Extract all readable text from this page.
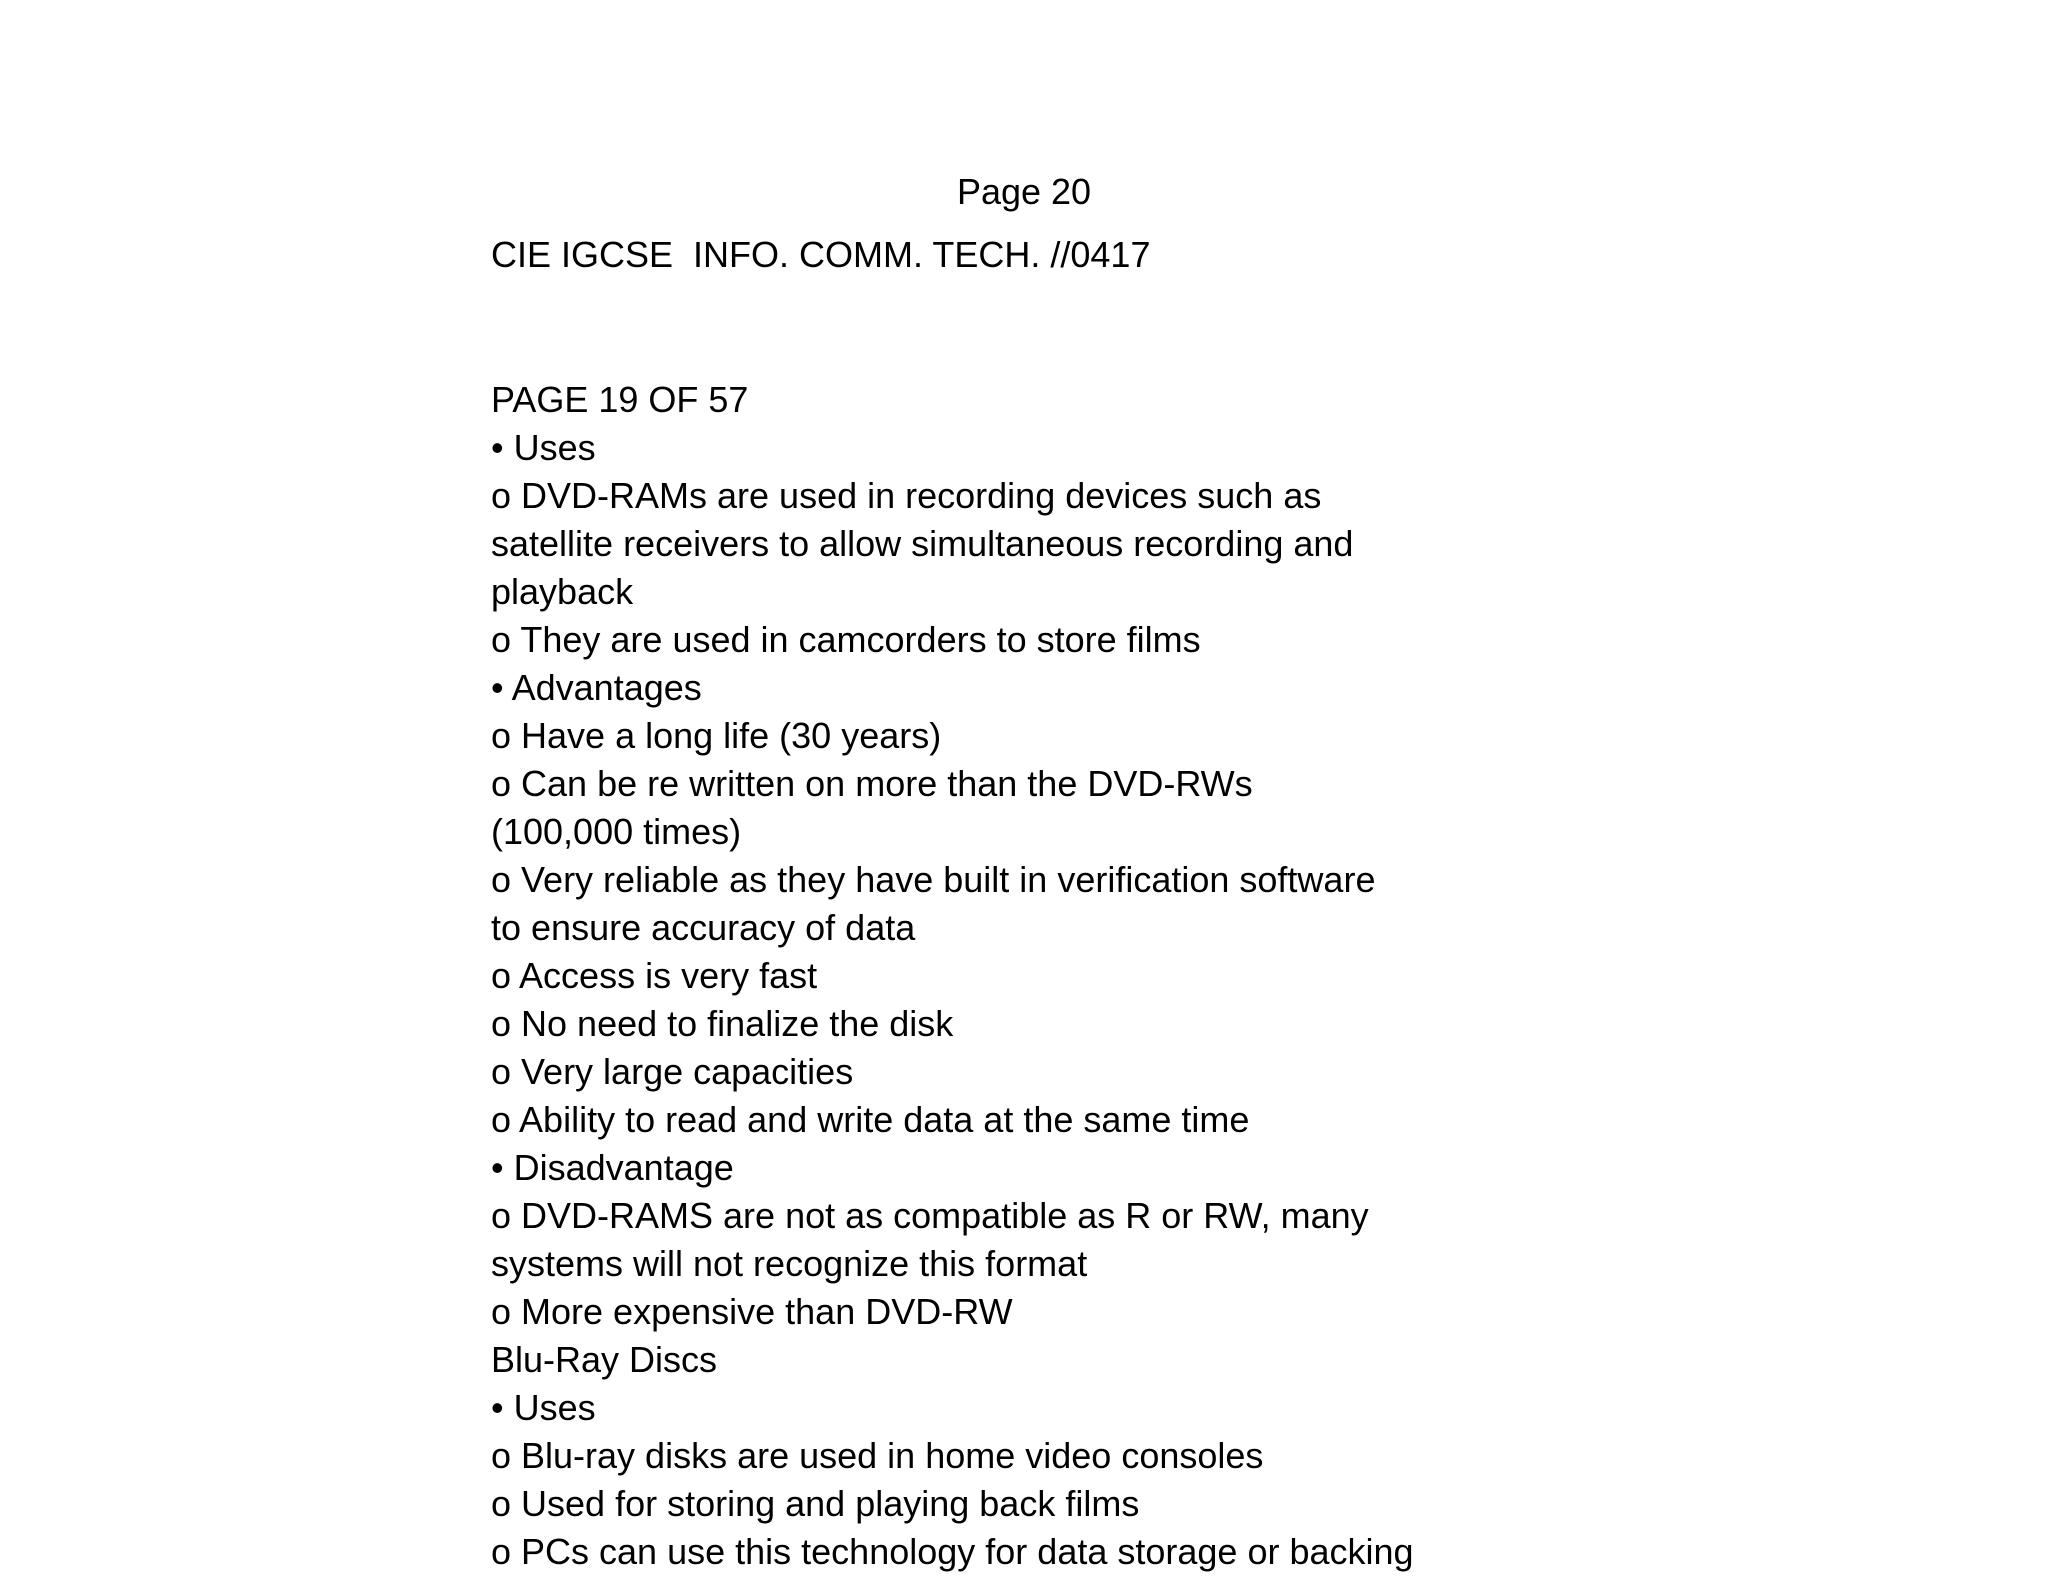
Page 20
CIE IGCSE  INFO. COMM. TECH. //0417
PAGE 19 OF 57
• Uses
o DVD-RAMs are used in recording devices such as
satellite receivers to allow simultaneous recording and
playback
o They are used in camcorders to store films
• Advantages
o Have a long life (30 years)
o Can be re written on more than the DVD-RWs
(100,000 times)
o Very reliable as they have built in verification software
to ensure accuracy of data
o Access is very fast
o No need to finalize the disk
o Very large capacities
o Ability to read and write data at the same time
• Disadvantage
o DVD-RAMS are not as compatible as R or RW, many
systems will not recognize this format
o More expensive than DVD-RW
Blu-Ray Discs
• Uses
o Blu-ray disks are used in home video consoles
o Used for storing and playing back films
o PCs can use this technology for data storage or backing
